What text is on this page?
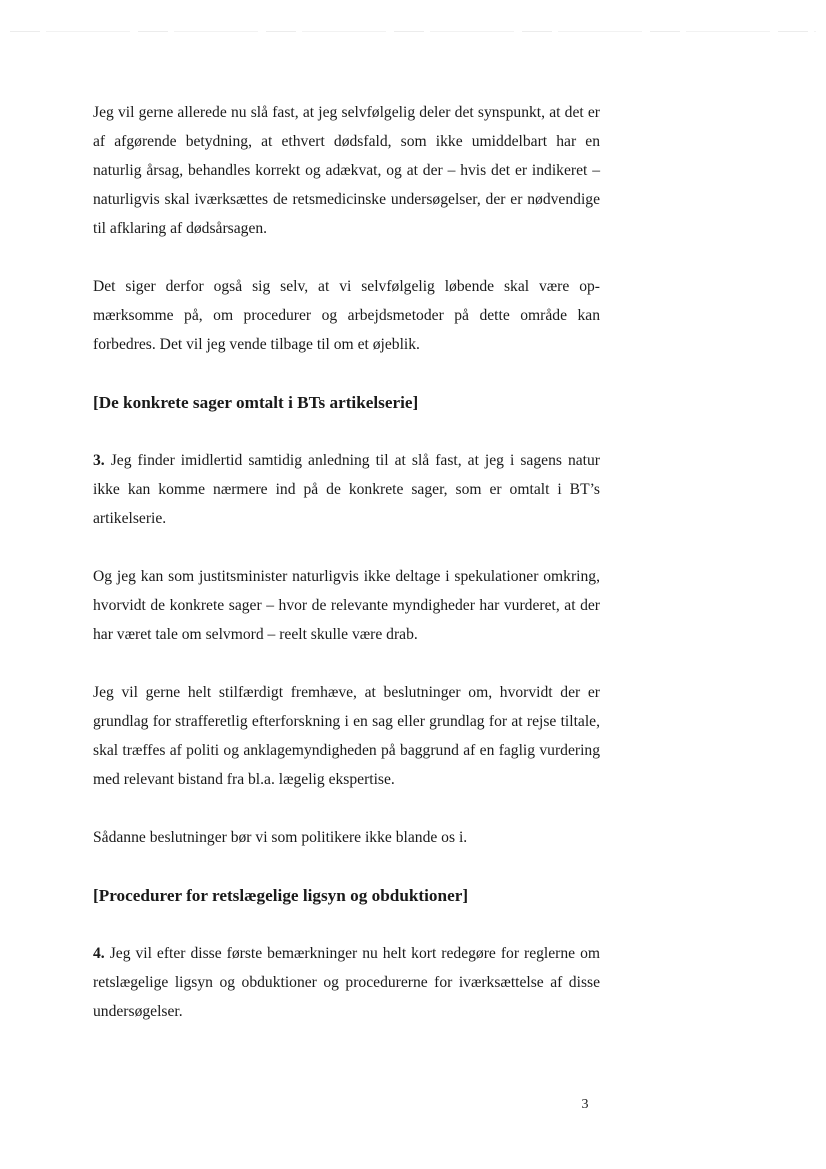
Jeg vil gerne allerede nu slå fast, at jeg selvfølgelig deler det synspunkt, at det er af afgørende betydning, at ethvert dødsfald, som ikke umiddelbart har en naturlig årsag, behandles korrekt og adækvat, og at der – hvis det er indikeret – naturligvis skal iværksættes de retsmedicinske undersøgelser, der er nødvendige til afklaring af dødsårsagen.

Det siger derfor også sig selv, at vi selvfølgelig løbende skal være opmærksomme på, om procedurer og arbejdsmetoder på dette område kan forbedres. Det vil jeg vende tilbage til om et øjeblik.

[De konkrete sager omtalt i BTs artikelserie]

3. Jeg finder imidlertid samtidig anledning til at slå fast, at jeg i sagens natur ikke kan komme nærmere ind på de konkrete sager, som er omtalt i BT’s artikelserie.

Og jeg kan som justitsminister naturligvis ikke deltage i spekulationer omkring, hvorvidt de konkrete sager – hvor de relevante myndigheder har vurderet, at der har været tale om selvmord – reelt skulle være drab.

Jeg vil gerne helt stilfærdigt fremhæve, at beslutninger om, hvorvidt der er grundlag for strafferetlig efterforskning i en sag eller grundlag for at rejse tiltale, skal træffes af politi og anklagemyndigheden på baggrund af en faglig vurdering med relevant bistand fra bl.a. lægelig ekspertise.

Sådanne beslutninger bør vi som politikere ikke blande os i.

[Procedurer for retslægelige ligsyn og obduktioner]

4. Jeg vil efter disse første bemærkninger nu helt kort redegøre for reglerne om retslægelige ligsyn og obduktioner og procedurerne for iværksættelse af disse undersøgelser.

3
